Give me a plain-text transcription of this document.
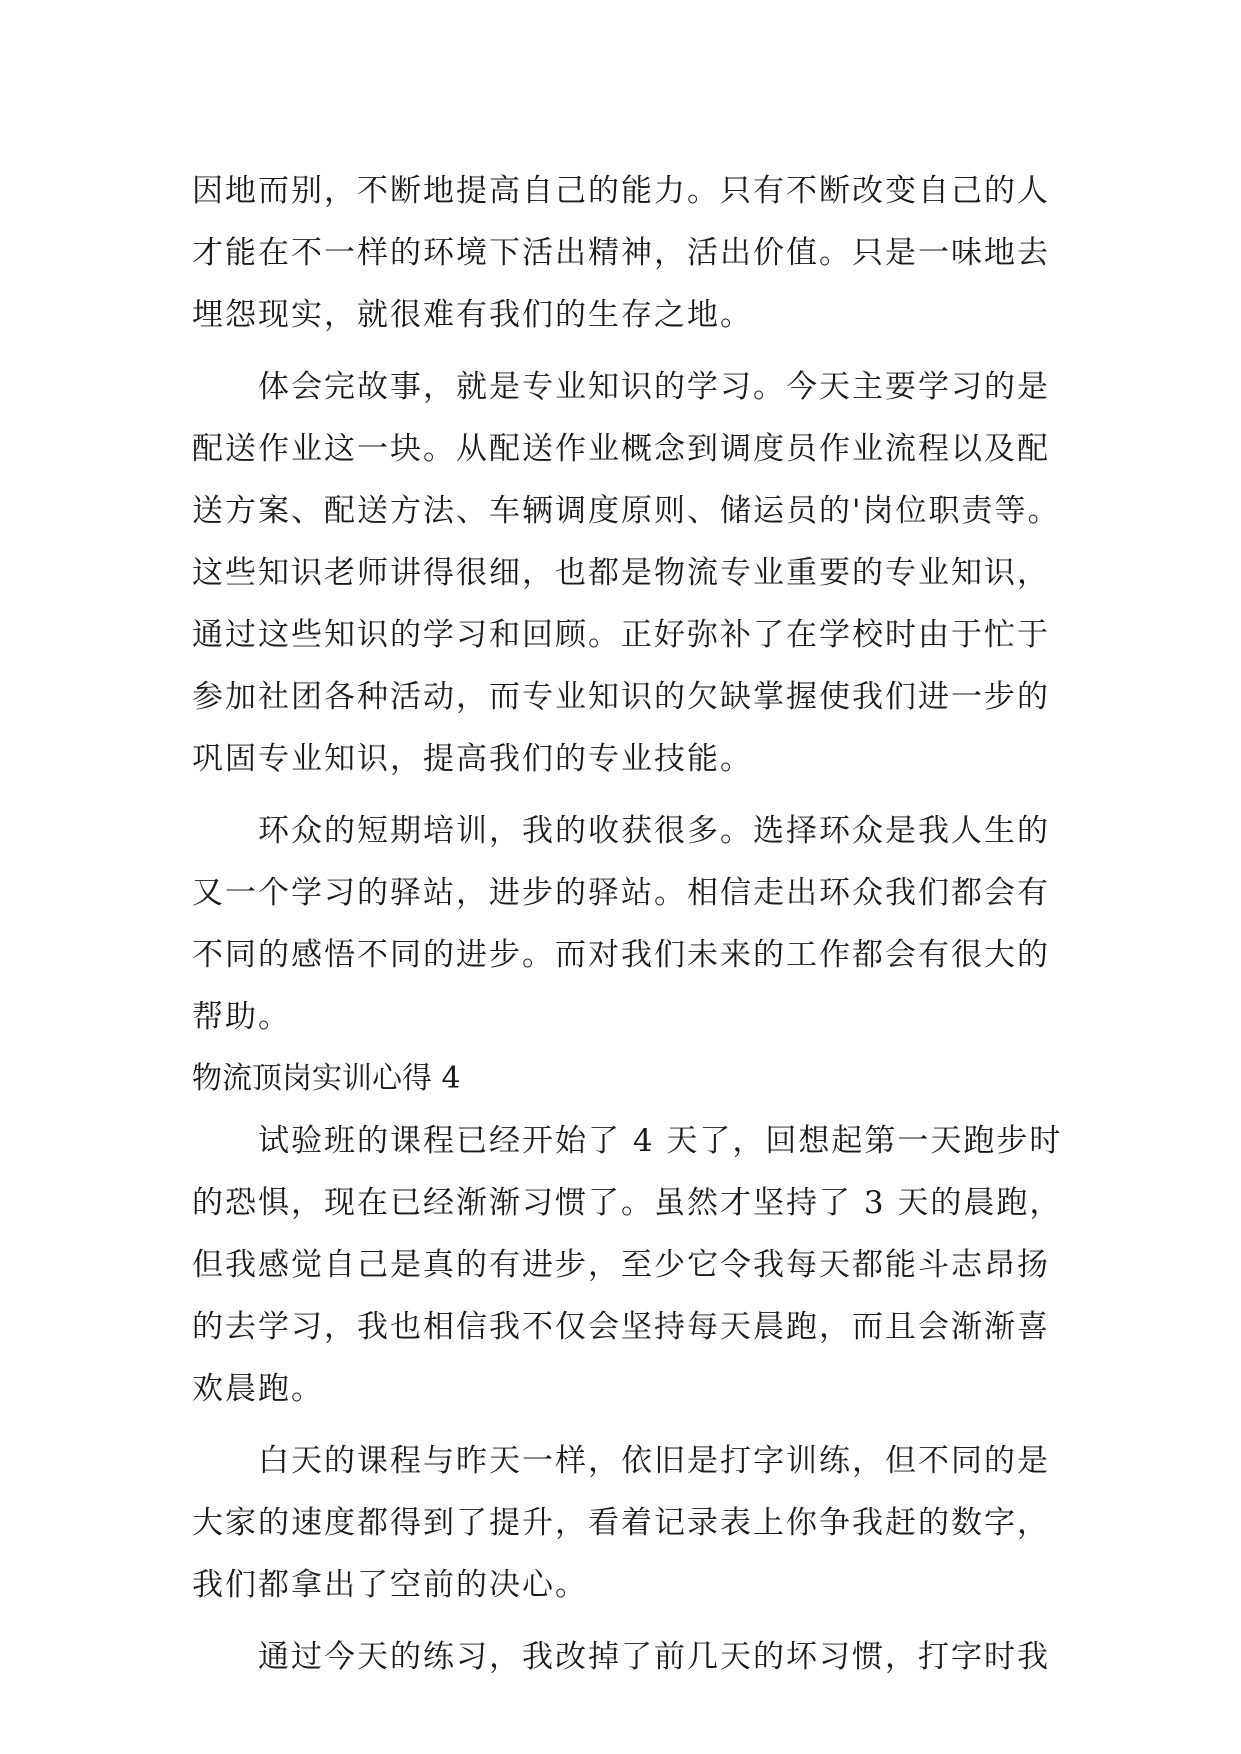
因地而别，不断地提高自己的能力。只有不断改变自己的人
才能在不一样的环境下活出精神，活出价值。只是一味地去
埋怨现实，就很难有我们的生存之地。
体会完故事，就是专业知识的学习。今天主要学习的是
配送作业这一块。从配送作业概念到调度员作业流程以及配
送方案、配送方法、车辆调度原则、储运员的'岗位职责等。
这些知识老师讲得很细，也都是物流专业重要的专业知识，
通过这些知识的学习和回顾。正好弥补了在学校时由于忙于
参加社团各种活动，而专业知识的欠缺掌握使我们进一步的
巩固专业知识，提高我们的专业技能。
环众的短期培训，我的收获很多。选择环众是我人生的
又一个学习的驿站，进步的驿站。相信走出环众我们都会有
不同的感悟不同的进步。而对我们未来的工作都会有很大的
帮助。
物流顶岗实训心得 4
试验班的课程已经开始了 4 天了，回想起第一天跑步时
的恐惧，现在已经渐渐习惯了。虽然才坚持了 3 天的晨跑，
但我感觉自己是真的有进步，至少它令我每天都能斗志昂扬
的去学习，我也相信我不仅会坚持每天晨跑，而且会渐渐喜
欢晨跑。
白天的课程与昨天一样，依旧是打字训练，但不同的是
大家的速度都得到了提升，看着记录表上你争我赶的数字，
我们都拿出了空前的决心。
通过今天的练习，我改掉了前几天的坏习惯，打字时我
